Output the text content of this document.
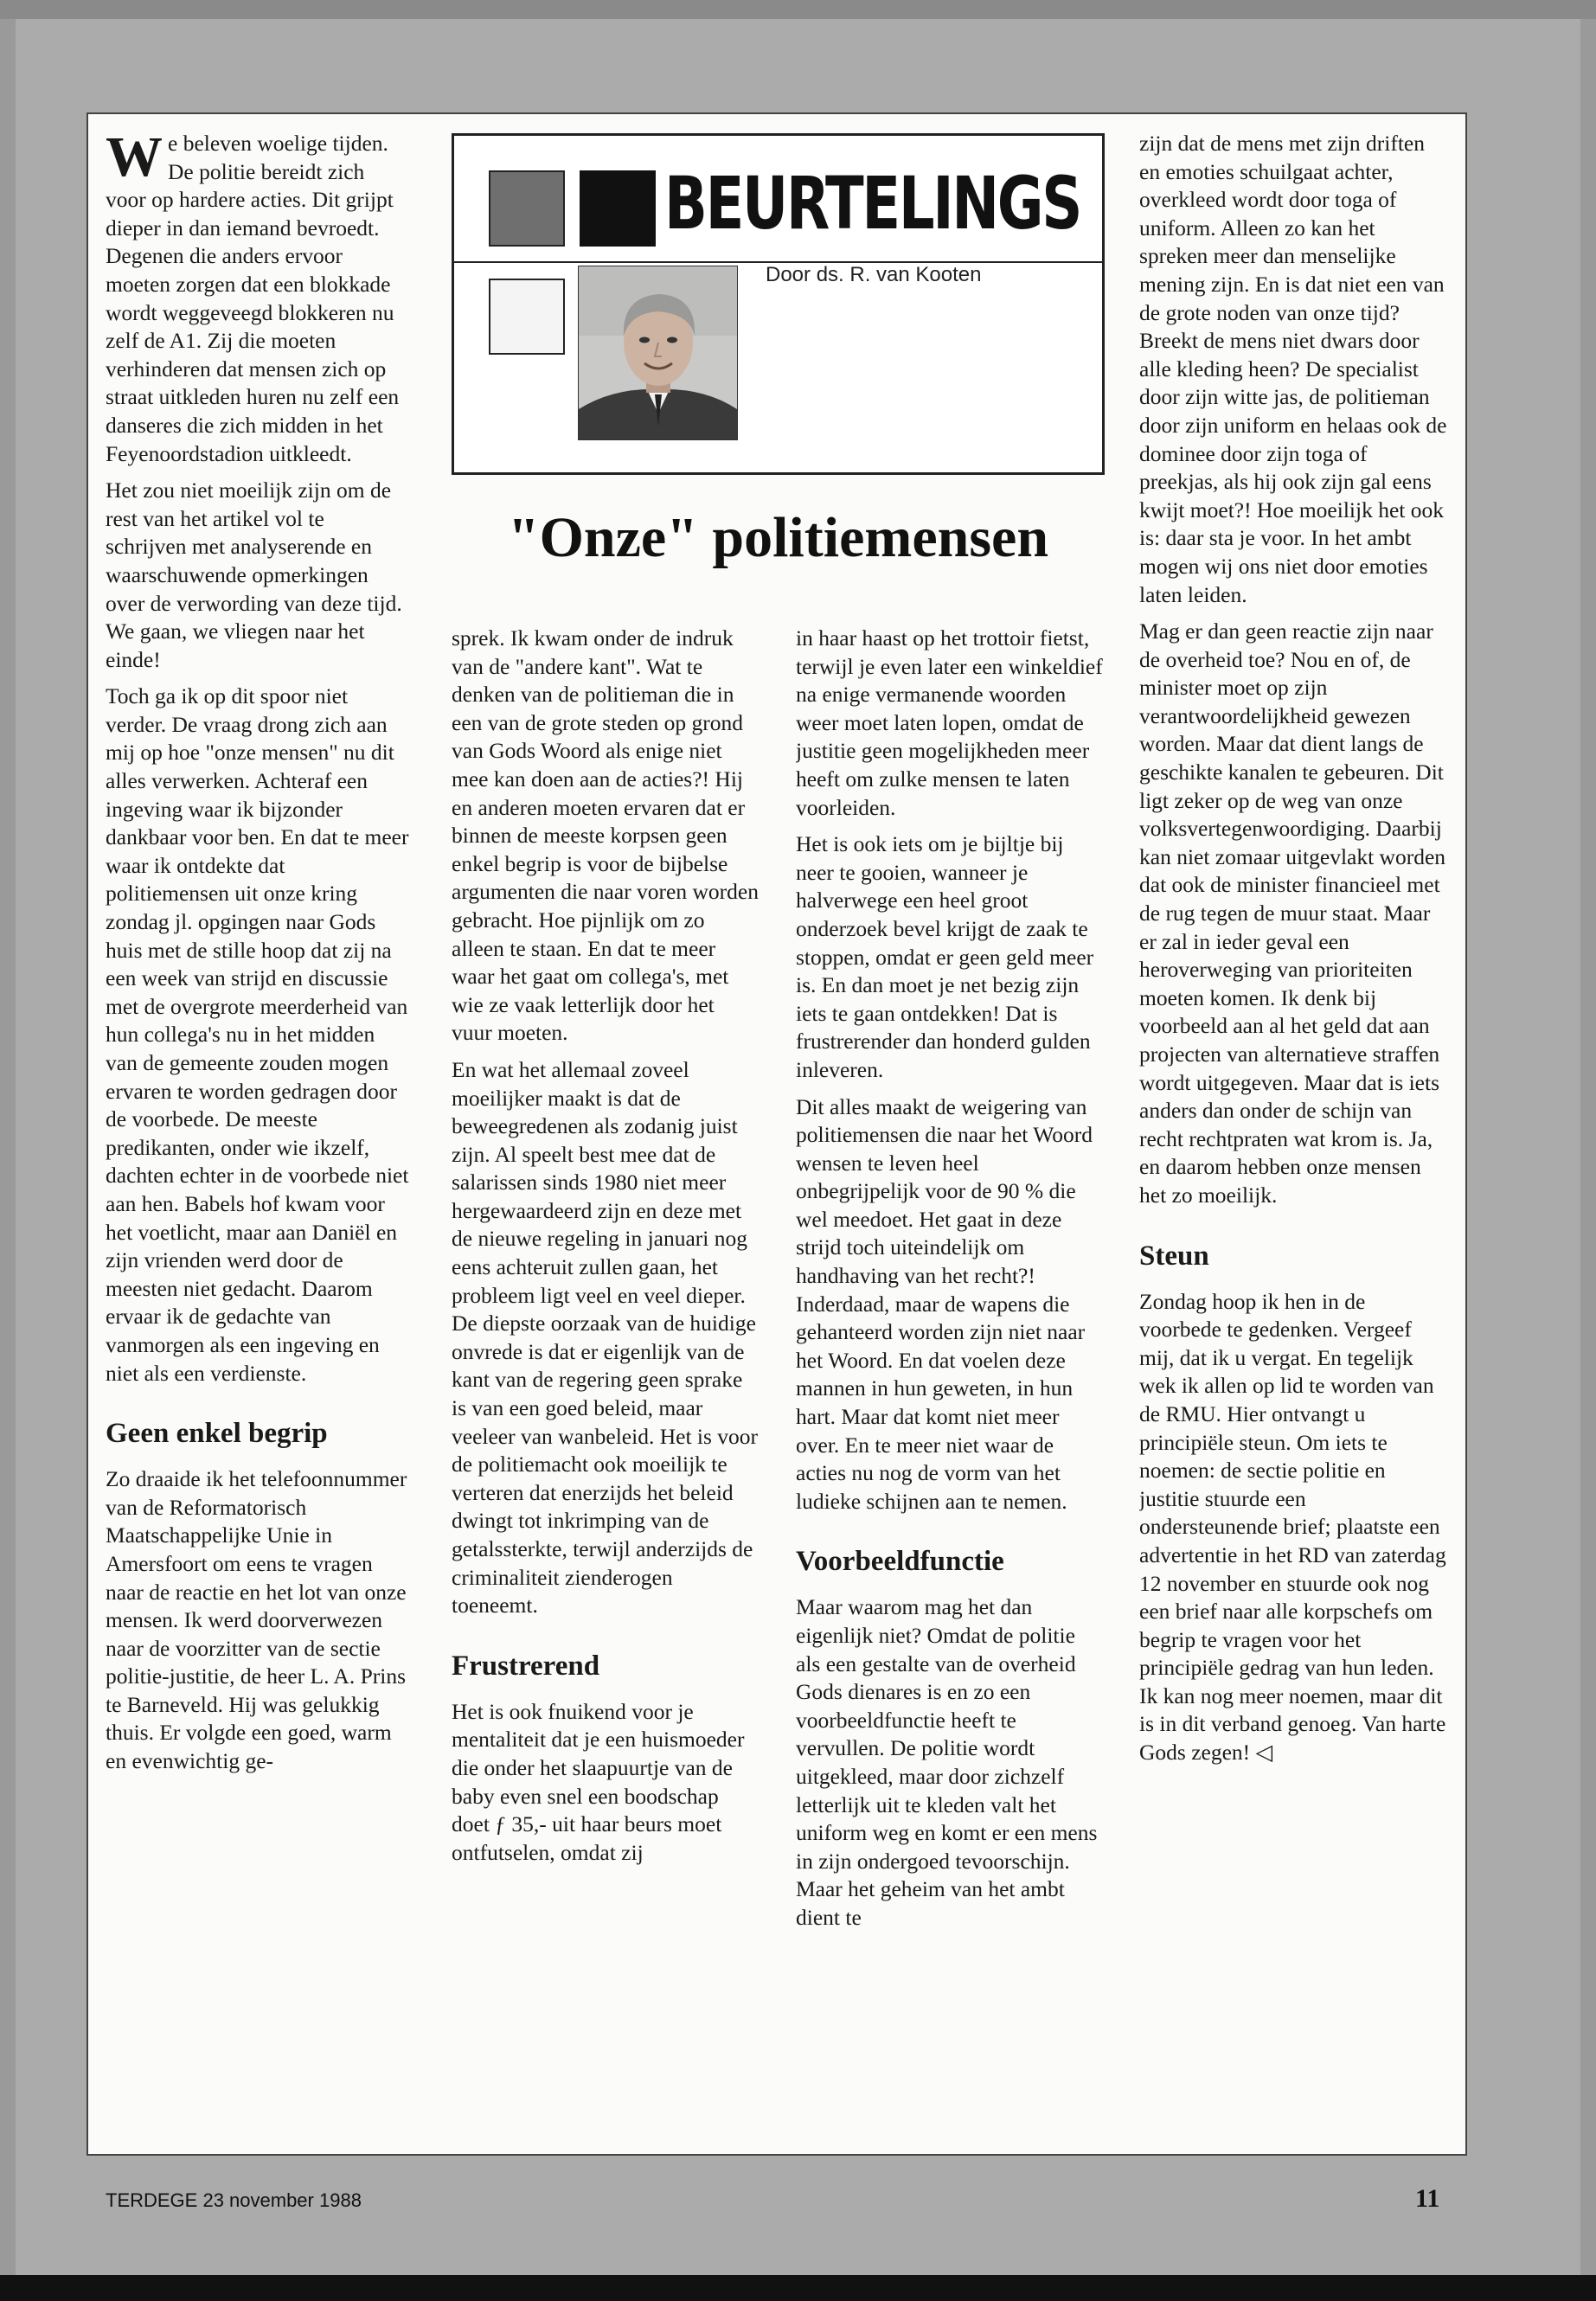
We beleven woelige tijden. De politie bereidt zich voor op hardere acties. Dit grijpt dieper in dan iemand bevroedt. Degenen die anders ervoor moeten zorgen dat een blokkade wordt weggeveegd blokkeren nu zelf de A1. Zij die moeten verhinderen dat mensen zich op straat uitkleden huren nu zelf een danseres die zich midden in het Feyenoordstadion uitkleedt.

Het zou niet moeilijk zijn om de rest van het artikel vol te schrijven met analyserende en waarschuwende opmerkingen over de verwording van deze tijd. We gaan, we vliegen naar het einde!

Toch ga ik op dit spoor niet verder. De vraag drong zich aan mij op hoe "onze mensen" nu dit alles verwerken. Achteraf een ingeving waar ik bijzonder dankbaar voor ben. En dat te meer waar ik ontdekte dat politiemensen uit onze kring zondag jl. opgingen naar Gods huis met de stille hoop dat zij na een week van strijd en discussie met de overgrote meerderheid van hun collega's nu in het midden van de gemeente zouden mogen ervaren te worden gedragen door de voorbede. De meeste predikanten, onder wie ikzelf, dachten echter in de voorbede niet aan hen. Babels hof kwam voor het voetlicht, maar aan Daniël en zijn vrienden werd door de meesten niet gedacht. Daarom ervaar ik de gedachte van vanmorgen als een ingeving en niet als een verdienste.

Geen enkel begrip

Zo draaide ik het telefoonnummer van de Reformatorisch Maatschappelijke Unie in Amersfoort om eens te vragen naar de reactie en het lot van onze mensen. Ik werd doorverwezen naar de voorzitter van de sectie politie-justitie, de heer L. A. Prins te Barneveld. Hij was gelukkig thuis. Er volgde een goed, warm en evenwichtig ge-

BEURTELINGS
Door ds. R. van Kooten
"Onze" politiemensen

sprek. Ik kwam onder de indruk van de "andere kant". Wat te denken van de politieman die in een van de grote steden op grond van Gods Woord als enige niet mee kan doen aan de acties?! Hij en anderen moeten ervaren dat er binnen de meeste korpsen geen enkel begrip is voor de bijbelse argumenten die naar voren worden gebracht. Hoe pijnlijk om zo alleen te staan. En dat te meer waar het gaat om collega's, met wie ze vaak letterlijk door het vuur moeten.

En wat het allemaal zoveel moeilijker maakt is dat de beweegredenen als zodanig juist zijn. Al speelt best mee dat de salarissen sinds 1980 niet meer hergewaardeerd zijn en deze met de nieuwe regeling in januari nog eens achteruit zullen gaan, het probleem ligt veel en veel dieper. De diepste oorzaak van de huidige onvrede is dat er eigenlijk van de kant van de regering geen sprake is van een goed beleid, maar veeleer van wanbeleid. Het is voor de politiemacht ook moeilijk te verteren dat enerzijds het beleid dwingt tot inkrimping van de getalssterkte, terwijl anderzijds de criminaliteit zienderogen toeneemt.

Frustrerend

Het is ook fnuikend voor je mentaliteit dat je een huismoeder die onder het slaapuurtje van de baby even snel een boodschap doet ƒ 35,- uit haar beurs moet ontfutselen, omdat zij

in haar haast op het trottoir fietst, terwijl je even later een winkeldief na enige vermanende woorden weer moet laten lopen, omdat de justitie geen mogelijkheden meer heeft om zulke mensen te laten voorleiden.

Het is ook iets om je bijltje bij neer te gooien, wanneer je halverwege een heel groot onderzoek bevel krijgt de zaak te stoppen, omdat er geen geld meer is. En dan moet je net bezig zijn iets te gaan ontdekken! Dat is frustrerender dan honderd gulden inleveren.

Dit alles maakt de weigering van politiemensen die naar het Woord wensen te leven heel onbegrijpelijk voor de 90 % die wel meedoet. Het gaat in deze strijd toch uiteindelijk om handhaving van het recht?! Inderdaad, maar de wapens die gehanteerd worden zijn niet naar het Woord. En dat voelen deze mannen in hun geweten, in hun hart. Maar dat komt niet meer over. En te meer niet waar de acties nu nog de vorm van het ludieke schijnen aan te nemen.

Voorbeeldfunctie

Maar waarom mag het dan eigenlijk niet? Omdat de politie als een gestalte van de overheid Gods dienares is en zo een voorbeeldfunctie heeft te vervullen. De politie wordt uitgekleed, maar door zichzelf letterlijk uit te kleden valt het uniform weg en komt er een mens in zijn ondergoed tevoorschijn. Maar het geheim van het ambt dient te

zijn dat de mens met zijn driften en emoties schuilgaat achter, overkleed wordt door toga of uniform. Alleen zo kan het spreken meer dan menselijke mening zijn. En is dat niet een van de grote noden van onze tijd? Breekt de mens niet dwars door alle kleding heen? De specialist door zijn witte jas, de politieman door zijn uniform en helaas ook de dominee door zijn toga of preekjas, als hij ook zijn gal eens kwijt moet?! Hoe moeilijk het ook is: daar sta je voor. In het ambt mogen wij ons niet door emoties laten leiden.

Mag er dan geen reactie zijn naar de overheid toe? Nou en of, de minister moet op zijn verantwoordelijkheid gewezen worden. Maar dat dient langs de geschikte kanalen te gebeuren. Dit ligt zeker op de weg van onze volksvertegenwoordiging. Daarbij kan niet zomaar uitgevlakt worden dat ook de minister financieel met de rug tegen de muur staat. Maar er zal in ieder geval een heroverweging van prioriteiten moeten komen. Ik denk bij voorbeeld aan al het geld dat aan projecten van alternatieve straffen wordt uitgegeven. Maar dat is iets anders dan onder de schijn van recht rechtpraten wat krom is. Ja, en daarom hebben onze mensen het zo moeilijk.

Steun

Zondag hoop ik hen in de voorbede te gedenken. Vergeef mij, dat ik u vergat. En tegelijk wek ik allen op lid te worden van de RMU. Hier ontvangt u principiële steun. Om iets te noemen: de sectie politie en justitie stuurde een ondersteunende brief; plaatste een advertentie in het RD van zaterdag 12 november en stuurde ook nog een brief naar alle korpschefs om begrip te vragen voor het principiële gedrag van hun leden. Ik kan nog meer noemen, maar dit is in dit verband genoeg. Van harte Gods zegen! ◁

TERDEGE 23 november 1988	11
